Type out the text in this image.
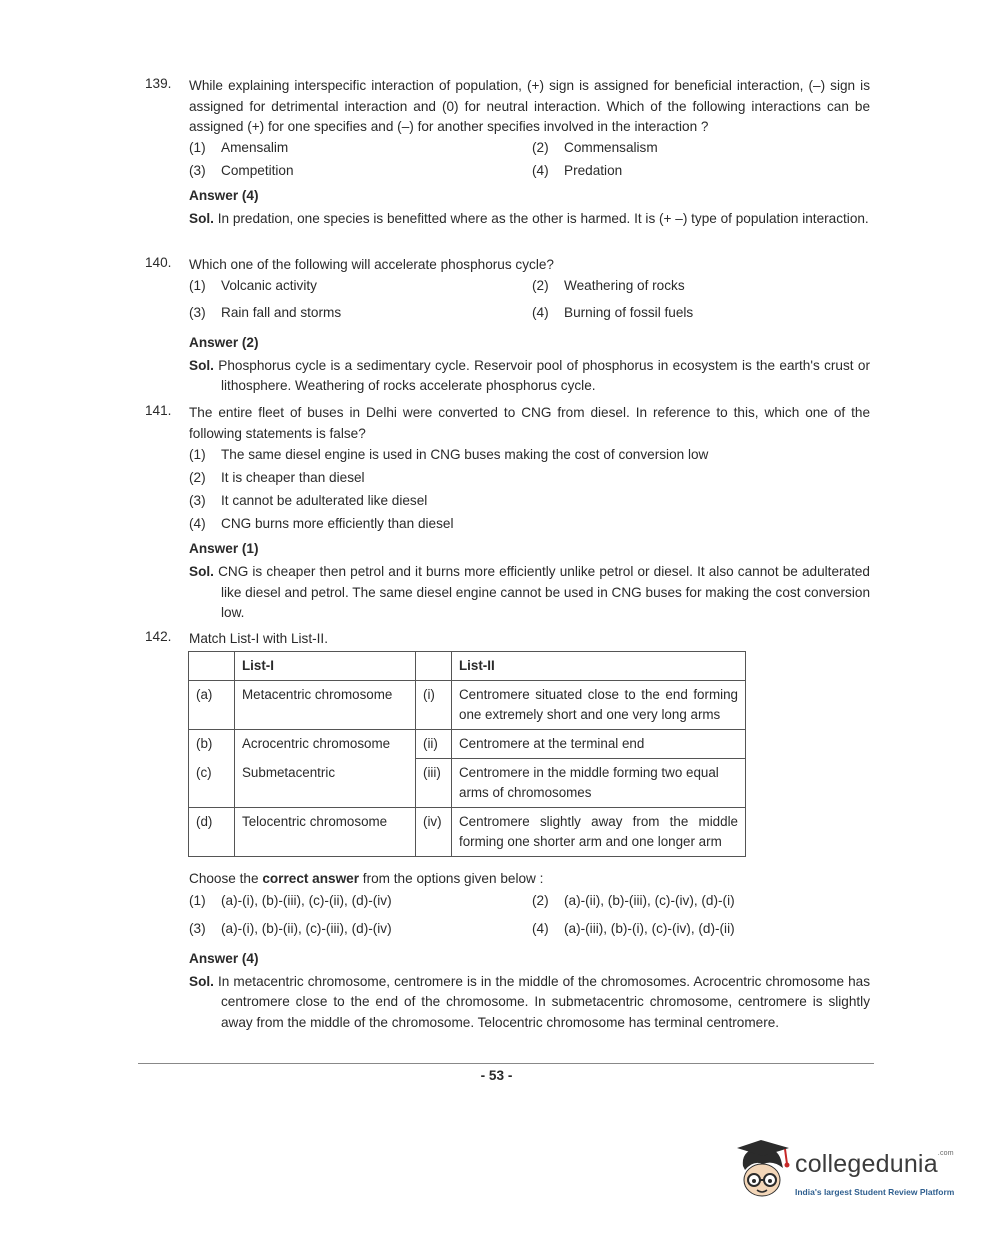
139.	While explaining interspecific interaction of population, (+) sign is assigned for beneficial interaction, (–) sign is assigned for detrimental interaction and (0) for neutral interaction. Which of the following interactions can be assigned (+) for one specifies and (–) for another specifies involved in the interaction ?
(1) Amensalim	(2) Commensalism
(3) Competition	(4) Predation
Answer (4)
Sol. In predation, one species is benefitted where as the other is harmed. It is (+ –) type of population interaction.
140.	Which one of the following will accelerate phosphorus cycle?
(1) Volcanic activity	(2) Weathering of rocks
(3) Rain fall and storms	(4) Burning of fossil fuels
Answer (2)
Sol. Phosphorus cycle is a sedimentary cycle. Reservoir pool of phosphorus in ecosystem is the earth's crust or lithosphere. Weathering of rocks accelerate phosphorus cycle.
141.	The entire fleet of buses in Delhi were converted to CNG from diesel. In reference to this, which one of the following statements is false?
(1) The same diesel engine is used in CNG buses making the cost of conversion low
(2) It is cheaper than diesel
(3) It cannot be adulterated like diesel
(4) CNG burns more efficiently than diesel
Answer (1)
Sol. CNG is cheaper then petrol and it burns more efficiently unlike petrol or diesel. It also cannot be adulterated like diesel and petrol. The same diesel engine cannot be used in CNG buses for making the cost conversion low.
142.	Match List-I with List-II.
	List-I		List-II
(a)	Metacentric chromosome	(i)	Centromere situated close to the end forming one extremely short and one very long arms
(b)	Acrocentric chromosome	(ii)	Centromere at the terminal end
(c)	Submetacentric	(iii)	Centromere in the middle forming two equal arms of chromosomes
(d)	Telocentric chromosome	(iv)	Centromere slightly away from the middle forming one shorter arm and one longer arm
Choose the correct answer from the options given below :
(1) (a)-(i), (b)-(iii), (c)-(ii), (d)-(iv)	(2) (a)-(ii), (b)-(iii), (c)-(iv), (d)-(i)
(3) (a)-(i), (b)-(ii), (c)-(iii), (d)-(iv)	(4) (a)-(iii), (b)-(i), (c)-(iv), (d)-(ii)
Answer (4)
Sol. In metacentric chromosome, centromere is in the middle of the chromosomes. Acrocentric chromosome has centromere close to the end of the chromosome. In submetacentric chromosome, centromere is slightly away from the middle of the chromosome. Telocentric chromosome has terminal centromere.
- 53 -
collegedunia$^{.com}$
India's largest Student Review Platform
